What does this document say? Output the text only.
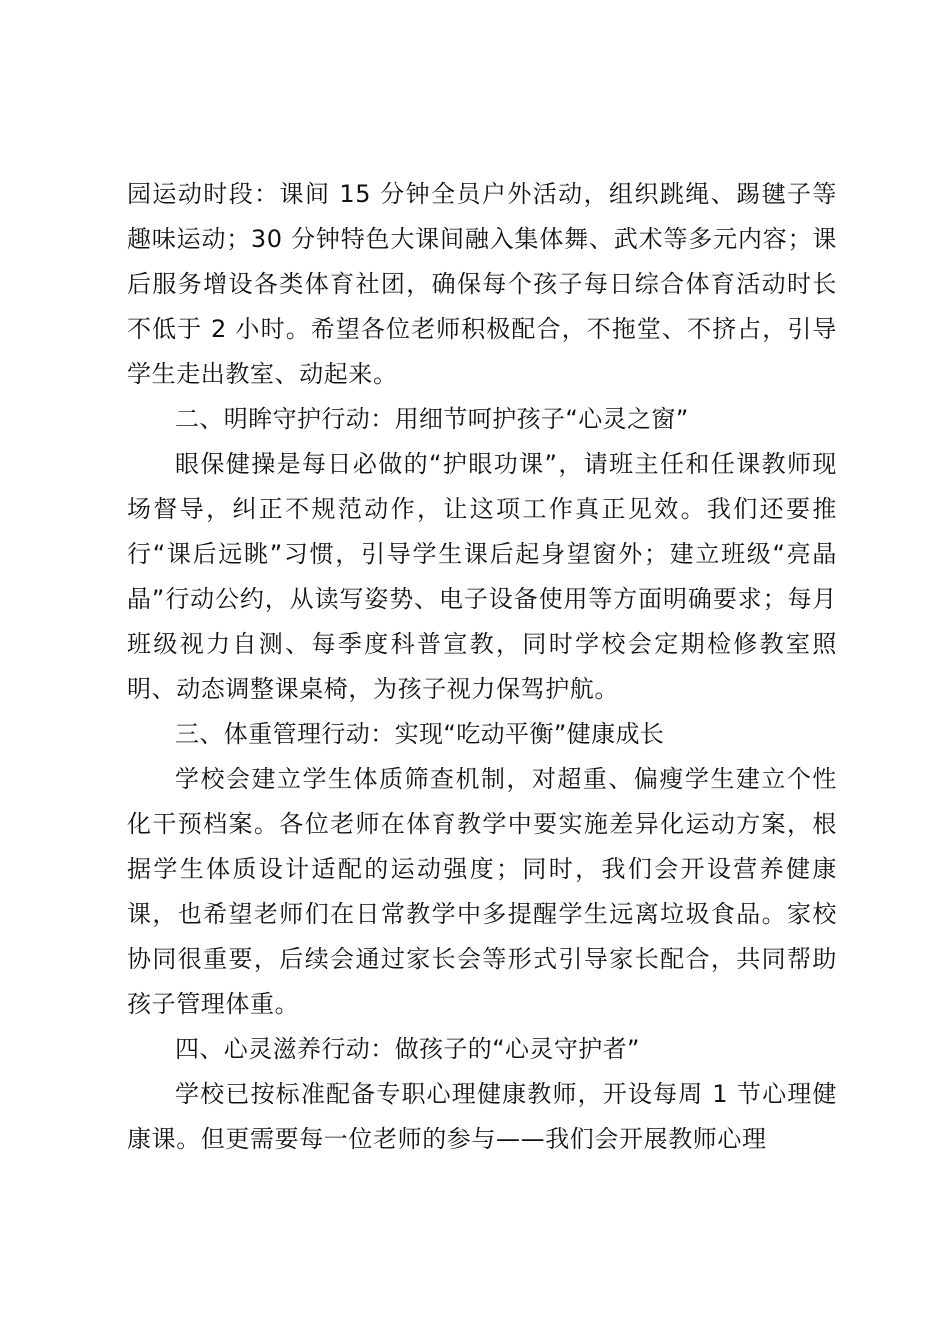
园运动时段：课间 15 分钟全员户外活动，组织跳绳、踢毽子等趣味运动；30 分钟特色大课间融入集体舞、武术等多元内容；课后服务增设各类体育社团，确保每个孩子每日综合体育活动时长不低于 2 小时。希望各位老师积极配合，不拖堂、不挤占，引导学生走出教室、动起来。

二、明眸守护行动：用细节呵护孩子“心灵之窗”

眼保健操是每日必做的“护眼功课”，请班主任和任课教师现场督导，纠正不规范动作，让这项工作真正见效。我们还要推行“课后远眺”习惯，引导学生课后起身望窗外；建立班级“亮晶晶”行动公约，从读写姿势、电子设备使用等方面明确要求；每月班级视力自测、每季度科普宣教，同时学校会定期检修教室照明、动态调整课桌椅，为孩子视力保驾护航。

三、体重管理行动：实现“吃动平衡”健康成长

学校会建立学生体质筛查机制，对超重、偏瘦学生建立个性化干预档案。各位老师在体育教学中要实施差异化运动方案，根据学生体质设计适配的运动强度；同时，我们会开设营养健康课，也希望老师们在日常教学中多提醒学生远离垃圾食品。家校协同很重要，后续会通过家长会等形式引导家长配合，共同帮助孩子管理体重。

四、心灵滋养行动：做孩子的“心灵守护者”

学校已按标准配备专职心理健康教师，开设每周 1 节心理健康课。但更需要每一位老师的参与——我们会开展教师心理
